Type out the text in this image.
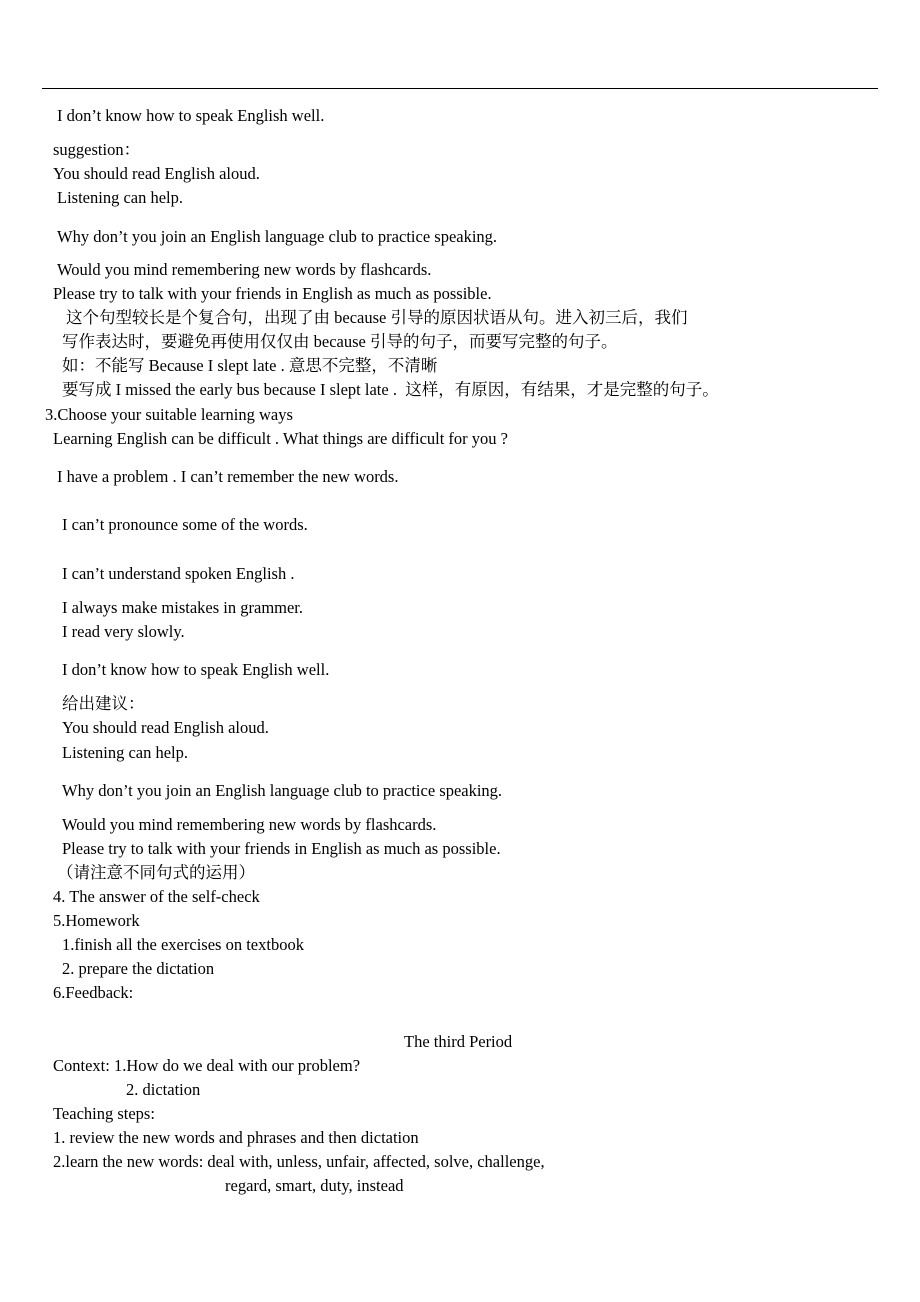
I don’t know how to speak English well.
suggestion：
You should read English aloud.
Listening can help.
Why don’t you join an English language club to practice speaking.
Would you mind remembering new words by flashcards.
Please try to talk with your friends in English as much as possible.
这个句型较长是个复合句，出现了由 because 引导的原因状语从句。进入初三后，我们
写作表达时，要避免再使用仅仅由 because 引导的句子，而要写完整的句子。
如：不能写 Because I slept late . 意思不完整，不清晰
要写成 I missed the early bus because I slept late .  这样，有原因，有结果，才是完整的句子。
3.Choose your suitable learning ways
Learning English can be difficult . What things are difficult for you ?
I have a problem . I can’t remember the new words.
I can’t pronounce some of the words.
I can’t understand spoken English .
I always make mistakes in grammer.
I read very slowly.
I don’t know how to speak English well.
给出建议：
You should read English aloud.
Listening can help.
Why don’t you join an English language club to practice speaking.
Would you mind remembering new words by flashcards.
Please try to talk with your friends in English as much as possible.
（请注意不同句式的运用）
4. The answer of the self-check
5.Homework
1.finish all the exercises on textbook
2. prepare the dictation
6.Feedback:
The third Period
Context: 1.How do we deal with our problem?
2. dictation
Teaching steps:
1. review the new words and phrases and then dictation
2.learn the new words: deal with, unless, unfair, affected, solve, challenge,
regard, smart, duty, instead
